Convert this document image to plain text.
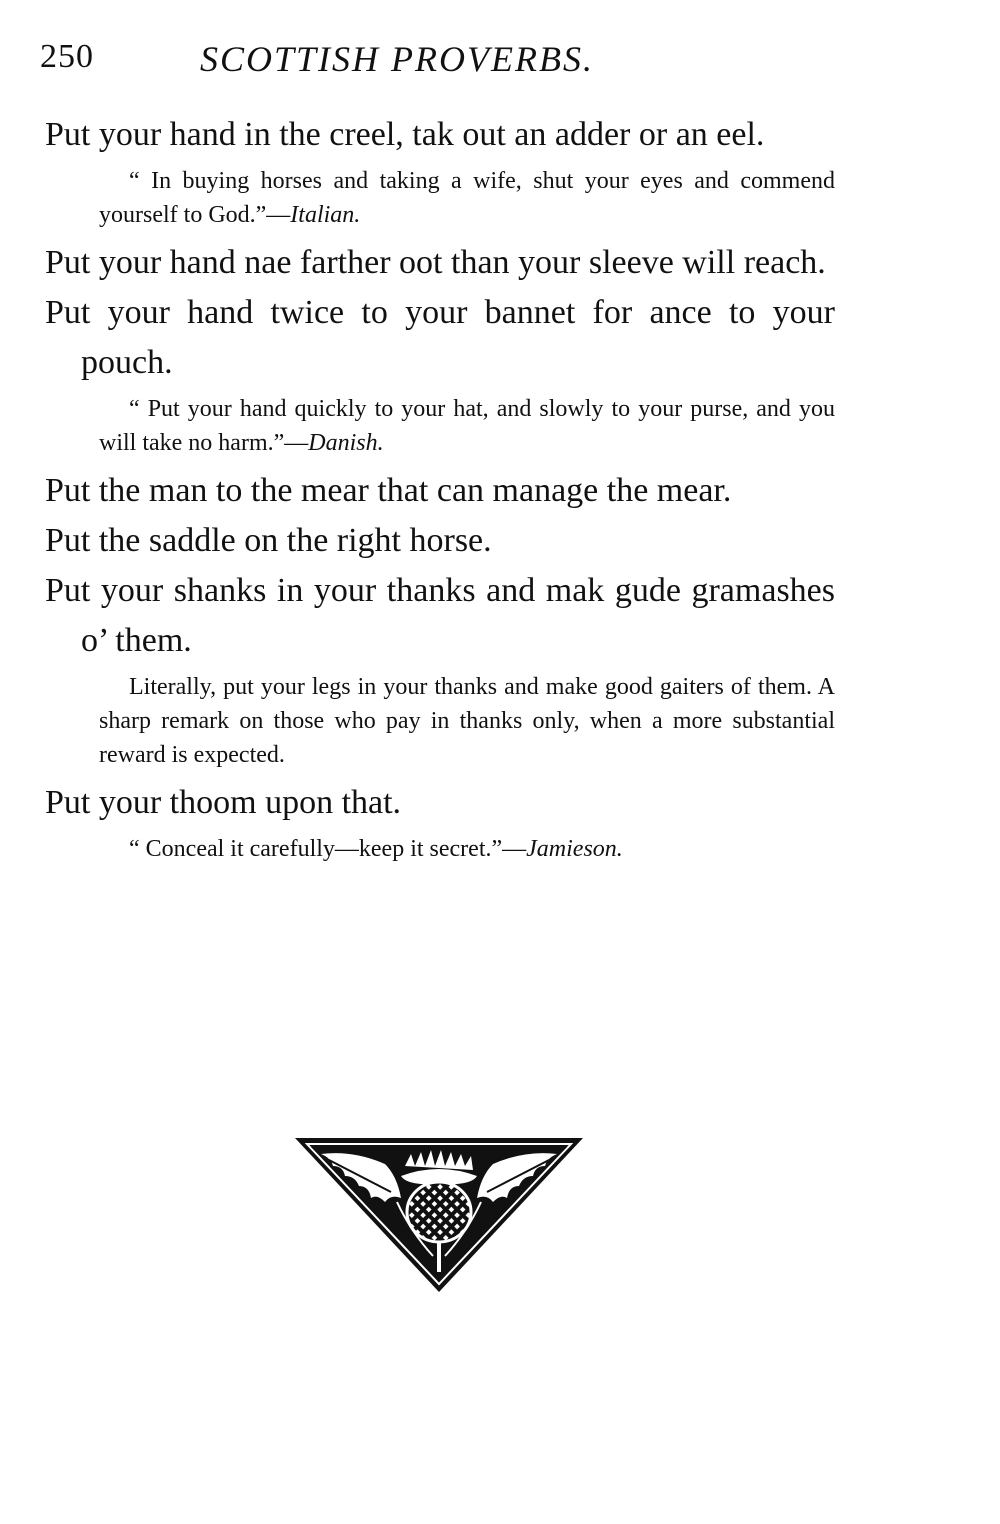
250	SCOTTISH PROVERBS.

Put your hand in the creel, tak out an adder or an eel.

“ In buying horses and taking a wife, shut your eyes and commend yourself to God.”—Italian.

Put your hand nae farther oot than your sleeve will reach.

Put your hand twice to your bannet for ance to your pouch.

“ Put your hand quickly to your hat, and slowly to your purse, and you will take no harm.”—Danish.

Put the man to the mear that can manage the mear.

Put the saddle on the right horse.

Put your shanks in your thanks and mak gude gramashes o’ them.

Literally, put your legs in your thanks and make good gaiters of them. A sharp remark on those who pay in thanks only, when a more substantial reward is expected.

Put your thoom upon that.

“ Conceal it carefully—keep it secret.”—Jamieson.
